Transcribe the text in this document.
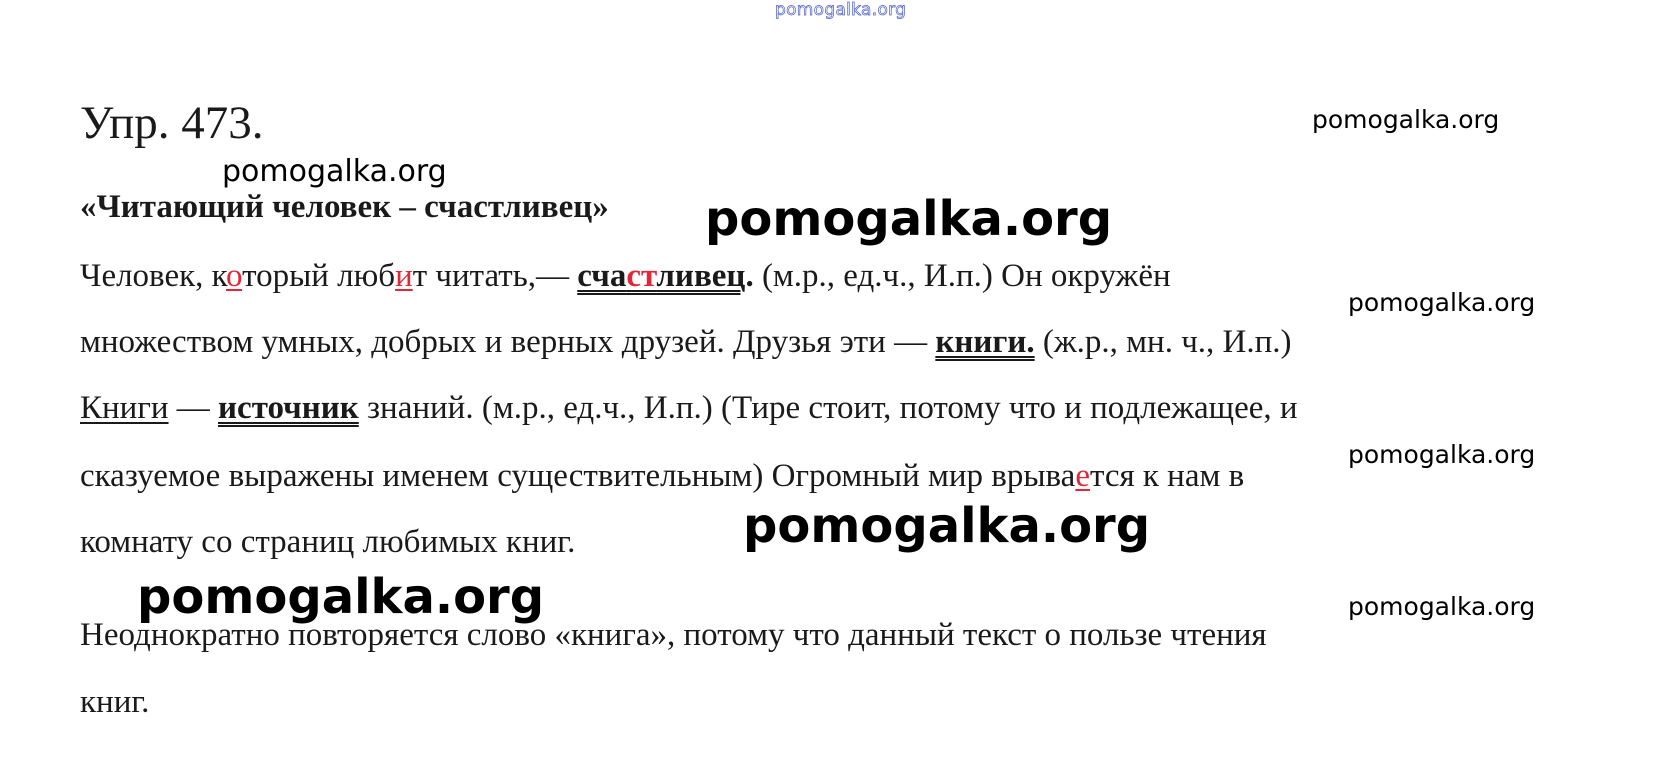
pomogalka.org
pomogalka.org
pomogalka.org
pomogalka.org
pomogalka.org
pomogalka.org
pomogalka.org
pomogalka.org	pomogalka.org
Упр. 473.
«Читающий человек – счастливец»
Человек, который любит читать,— счастливец. (м.р., ед.ч., И.п.) Он окружён
множеством умных, добрых и верных друзей. Друзья эти — книги. (ж.р., мн. ч., И.п.)
Книги — источник знаний. (м.р., ед.ч., И.п.) (Тире стоит, потому что и подлежащее, и
сказуемое выражены именем существительным) Огромный мир врывается к нам в
комнату со страниц любимых книг.
Неоднократно повторяется слово «книга», потому что данный текст о пользе чтения
книг.
